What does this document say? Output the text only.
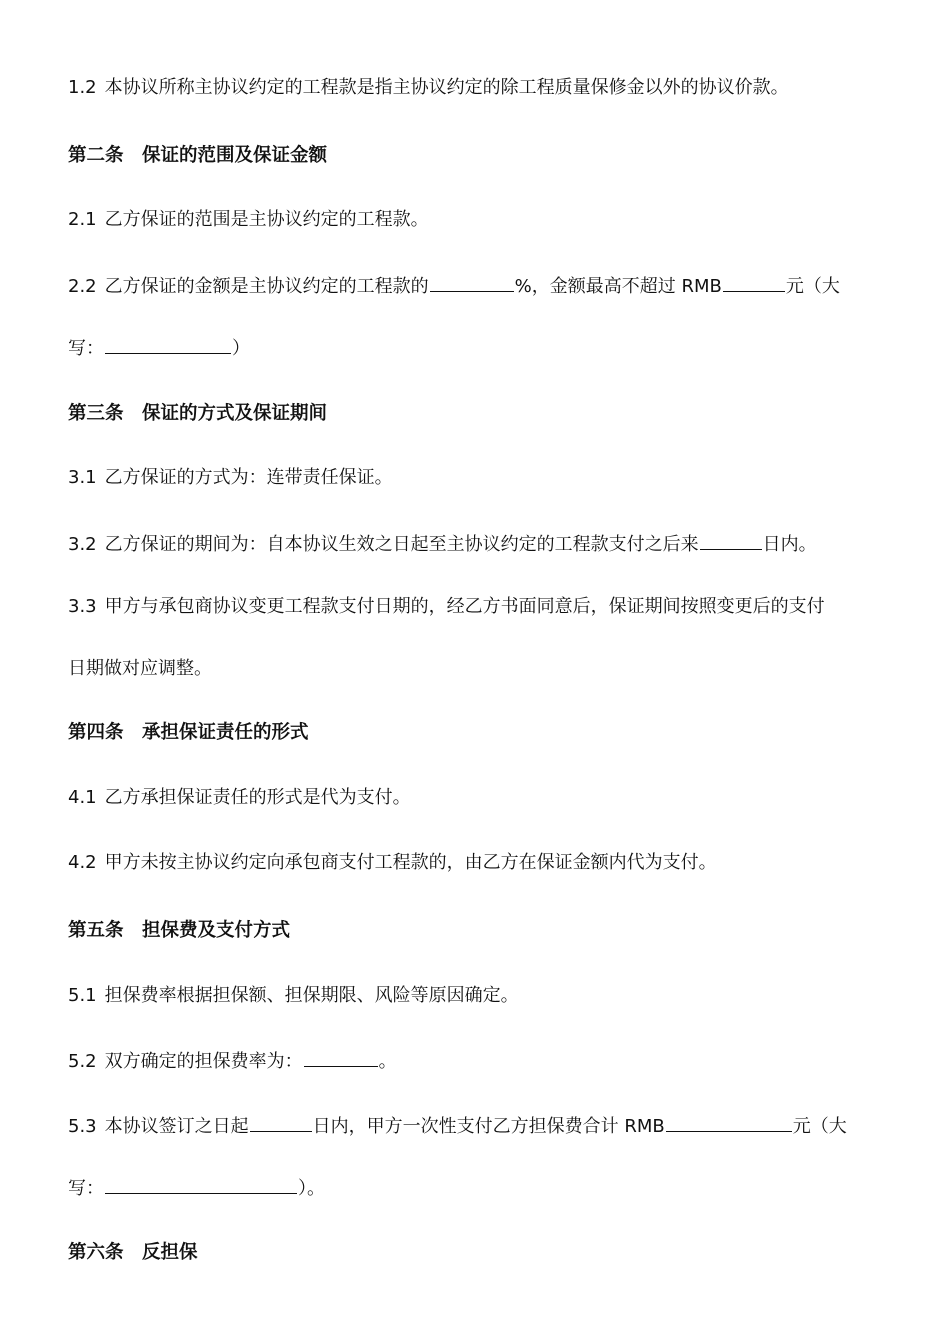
1.2 本协议所称主协议约定的工程款是指主协议约定的除工程质量保修金以外的协议价款。
第二条　保证的范围及保证金额
2.1 乙方保证的范围是主协议约定的工程款。
2.2 乙方保证的金额是主协议约定的工程款的	%，金额最高不超过 RMB	元（大
写：	）
第三条　保证的方式及保证期间
3.1 乙方保证的方式为：连带责任保证。
3.2 乙方保证的期间为：自本协议生效之日起至主协议约定的工程款支付之后来	日内。
3.3 甲方与承包商协议变更工程款支付日期的，经乙方书面同意后，保证期间按照变更后的支付
日期做对应调整。
第四条　承担保证责任的形式
4.1 乙方承担保证责任的形式是代为支付。
4.2 甲方未按主协议约定向承包商支付工程款的，由乙方在保证金额内代为支付。
第五条　担保费及支付方式
5.1 担保费率根据担保额、担保期限、风险等原因确定。
5.2 双方确定的担保费率为：	。
5.3 本协议签订之日起	日内，甲方一次性支付乙方担保费合计 RMB	元（大
写：	）。
第六条　反担保
